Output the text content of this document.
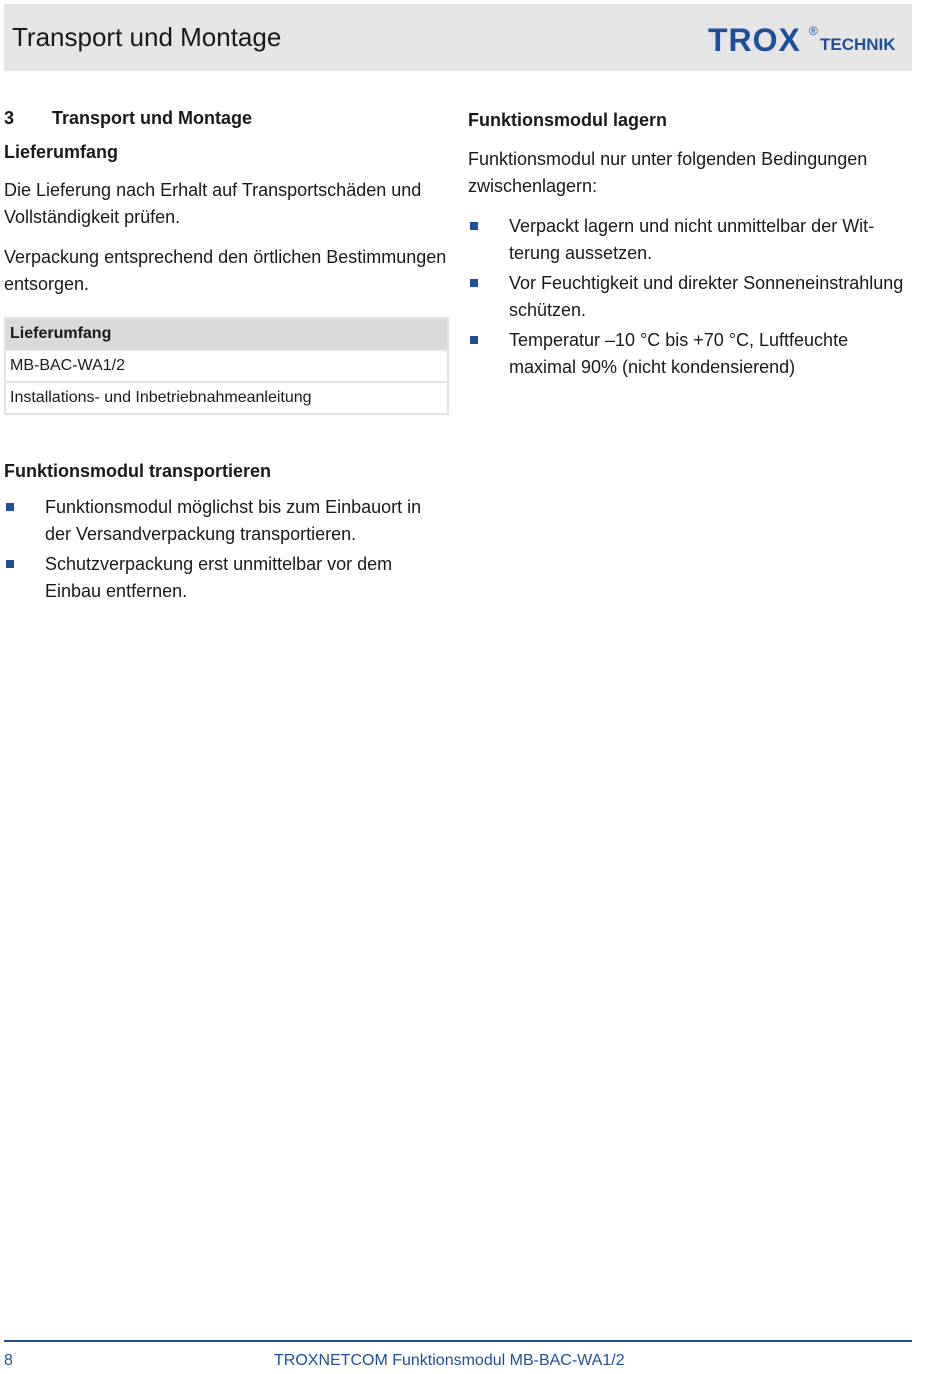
Transport und Montage	TROX ®
TECHNIK
3	Transport und Montage
Lieferumfang

Die Lieferung nach Erhalt auf Transportschäden und Vollständigkeit prüfen.

Verpackung entsprechend den örtlichen Bestimmungen entsorgen.

Lieferumfang
MB-BAC-WA1/2
Installations- und Inbetriebnahmeanleitung
Funktionsmodul lagern

Funktionsmodul nur unter folgenden Bedingungen zwischenlagern:

Verpackt lagern und nicht unmittelbar der Witterung aussetzen.
Vor Feuchtigkeit und direkter Sonneneinstrahlung schützen.
Temperatur –10 °C bis +70 °C, Luftfeuchte maximal 90% (nicht kondensierend)
Funktionsmodul transportieren
Funktionsmodul möglichst bis zum Einbauort in der Versandverpackung transportieren.
Schutzverpackung erst unmittelbar vor dem Einbau entfernen.
8	TROXNETCOM Funktionsmodul MB-BAC-WA1/2
